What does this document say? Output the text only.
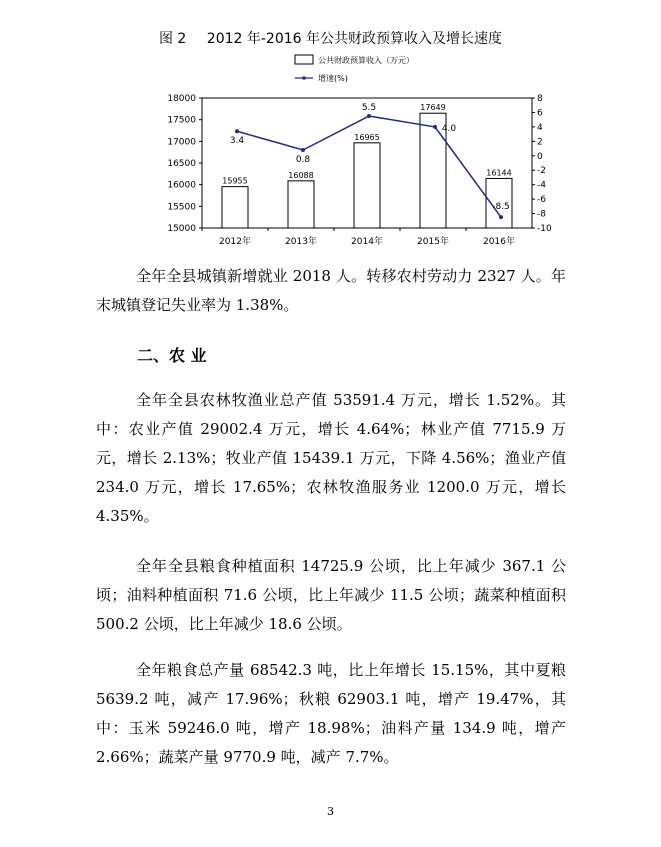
图 2 2012 年-2016 年公共财政预算收入及增长速度
公共财政预算收入（万元）
增速(%)
15000
15500
16000
16500
17000
17500
18000
-10
-8
-6
-4
-2
0
2
4
6
8
15955
2012年
16088
2013年
16965
2014年
17649
2015年
16144
2016年
3.4
0.8
5.5
4.0
-8.5

全年全县城镇新增就业 2018 人。转移农村劳动力 2327 人。年末城镇登记失业率为 1.38%。

二、农 业

全年全县农林牧渔业总产值 53591.4 万元，增长 1.52%。其中：农业产值 29002.4 万元，增长 4.64%；林业产值 7715.9 万元，增长 2.13%；牧业产值 15439.1 万元，下降 4.56%；渔业产值 234.0 万元，增长 17.65%；农林牧渔服务业 1200.0 万元，增长 4.35%。

全年全县粮食种植面积 14725.9 公顷，比上年减少 367.1 公顷；油料种植面积 71.6 公顷，比上年减少 11.5 公顷；蔬菜种植面积 500.2 公顷，比上年减少 18.6 公顷。

全年粮食总产量 68542.3 吨，比上年增长 15.15%，其中夏粮 5639.2 吨，减产 17.96%；秋粮 62903.1 吨，增产 19.47%，其中：玉米 59246.0 吨，增产 18.98%；油料产量 134.9 吨，增产 2.66%；蔬菜产量 9770.9 吨，减产 7.7%。

3
